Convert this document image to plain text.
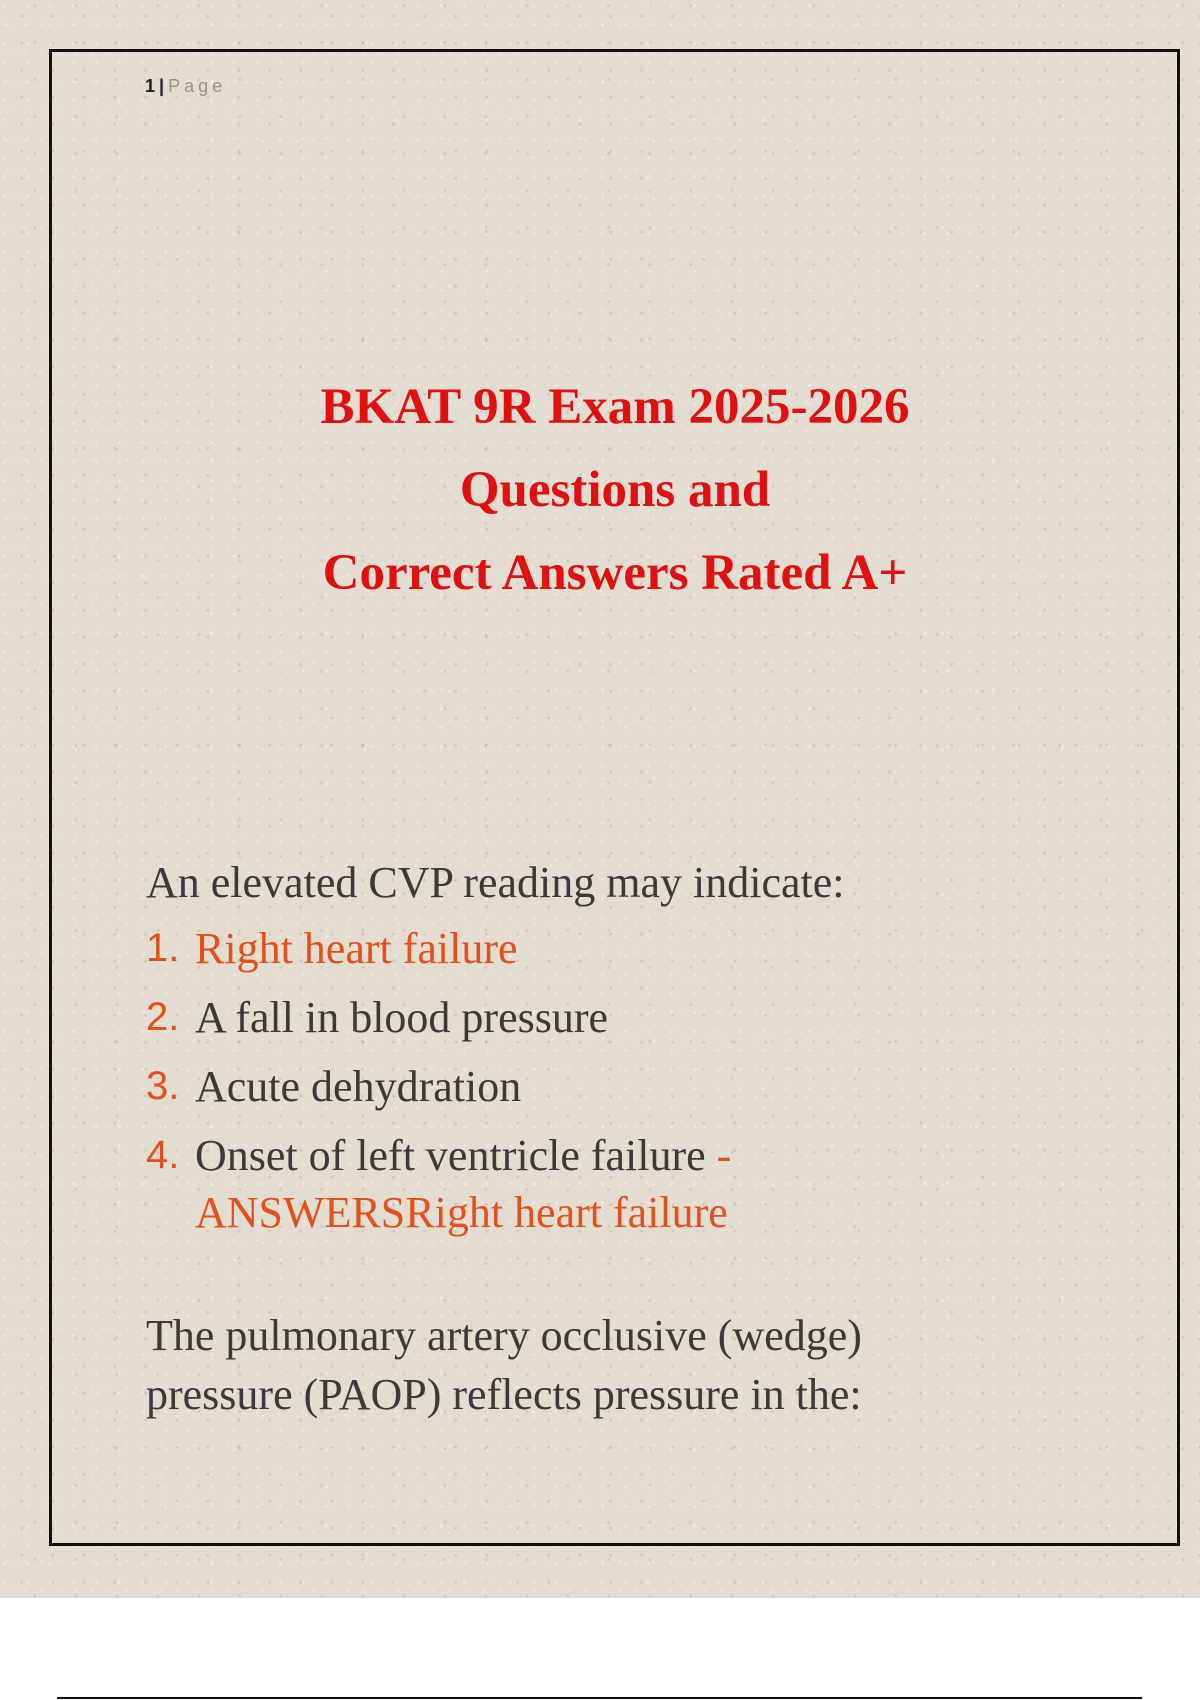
1 | Page
BKAT 9R Exam 2025-2026
Questions and
Correct Answers Rated A+
An elevated CVP reading may indicate:
1. Right heart failure
2. A fall in blood pressure
3. Acute dehydration
4. Onset of left ventricle failure -
ANSWERSRight heart failure
The pulmonary artery occlusive (wedge)
pressure (PAOP) reflects pressure in the:
